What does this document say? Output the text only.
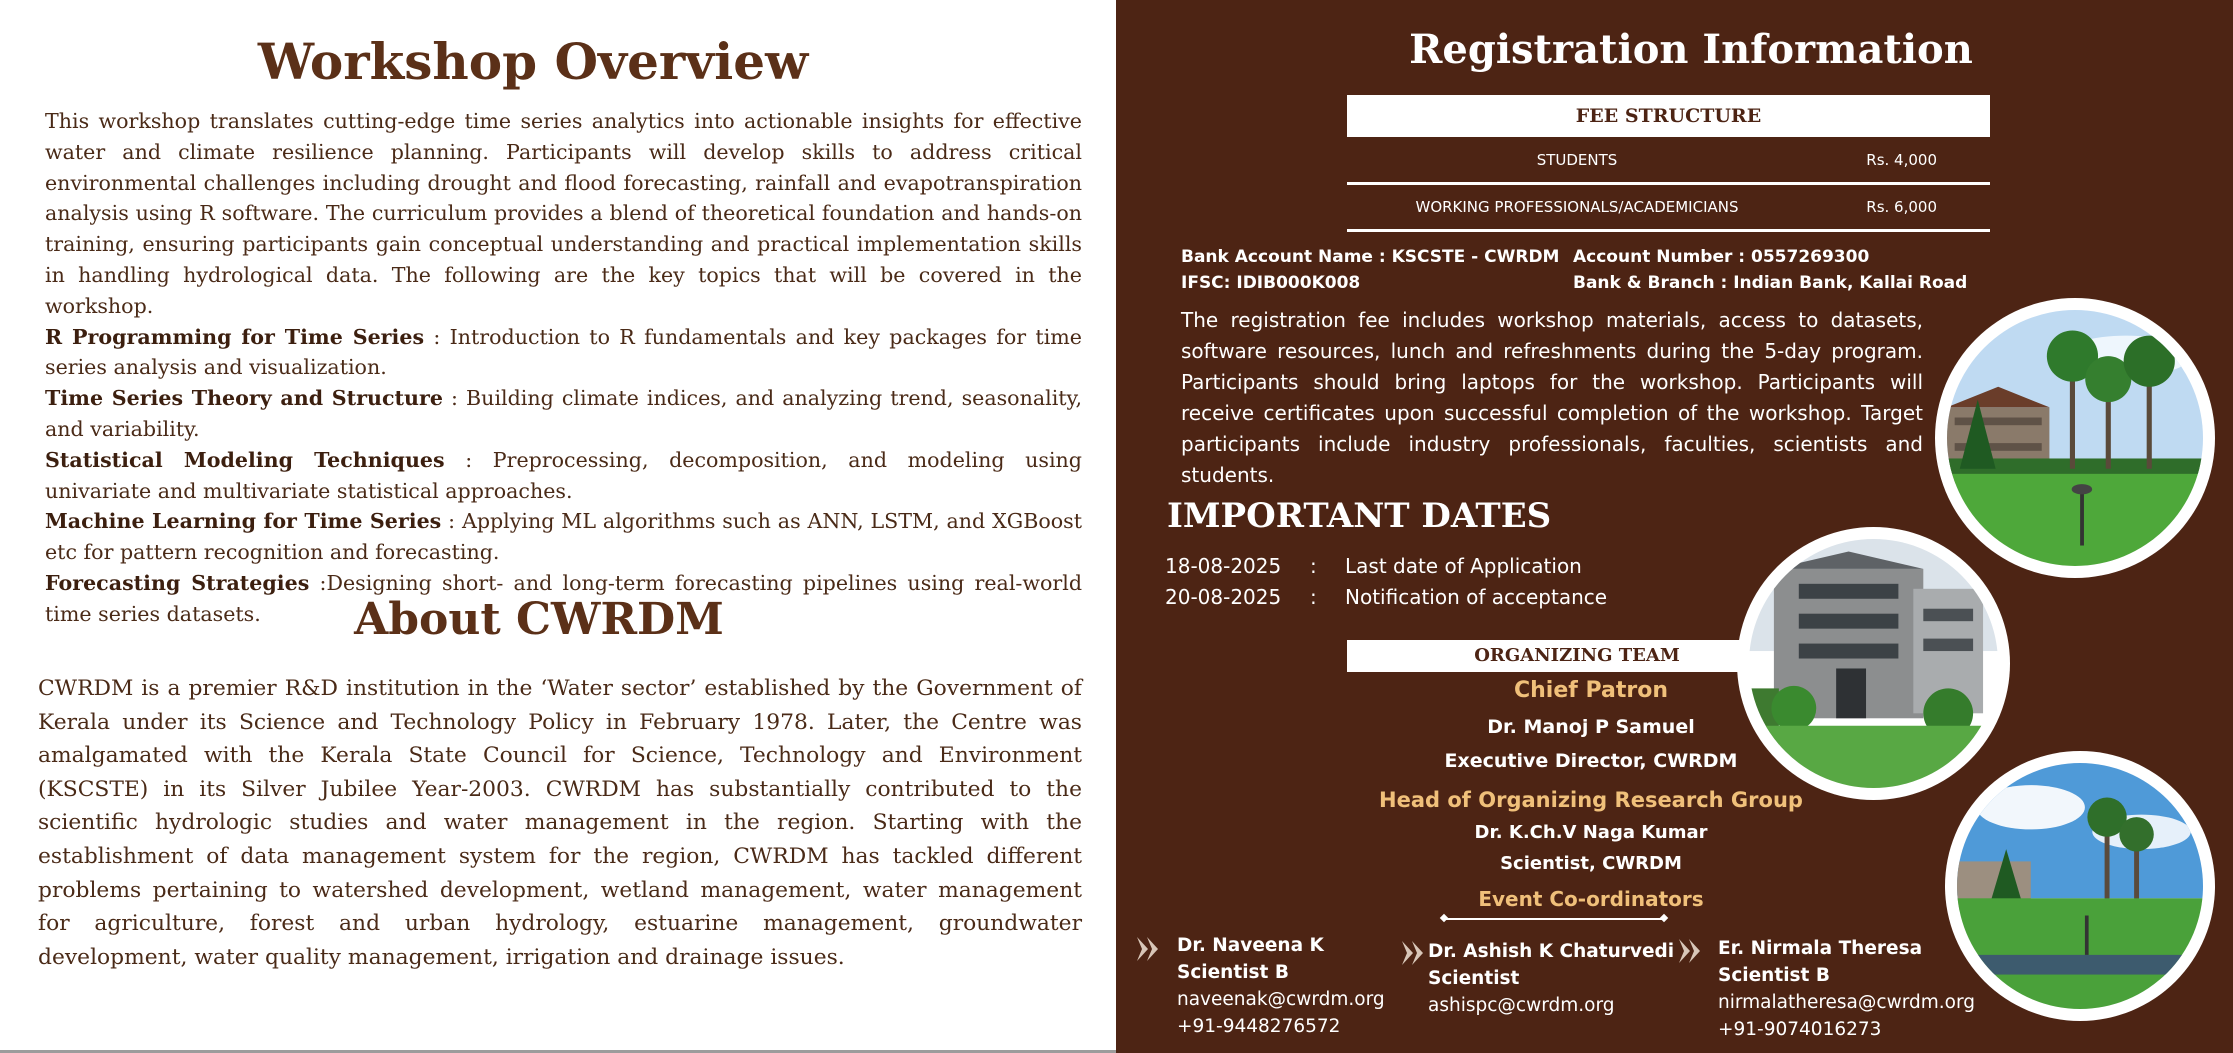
Workshop Overview

This workshop translates cutting-edge time series analytics into actionable insights for effective water and climate resilience planning. Participants will develop skills to address critical environmental challenges including drought and flood forecasting, rainfall and evapotranspiration analysis using R software. The curriculum provides a blend of theoretical foundation and hands-on training, ensuring participants gain conceptual understanding and practical implementation skills in handling hydrological data. The following are the key topics that will be covered in the workshop.

R Programming for Time Series : Introduction to R fundamentals and key packages for time series analysis and visualization.

Time Series Theory and Structure : Building climate indices, and analyzing trend, seasonality, and variability.

Statistical Modeling Techniques : Preprocessing, decomposition, and modeling using univariate and multivariate statistical approaches.

Machine Learning for Time Series : Applying ML algorithms such as ANN, LSTM, and XGBoost etc for pattern recognition and forecasting.

Forecasting Strategies :Designing short- and long-term forecasting pipelines using real-world time series datasets.	About CWRDM

CWRDM is a premier R&D institution in the ‘Water sector’ established by the Government of Kerala under its Science and Technology Policy in February 1978. Later, the Centre was amalgamated with the Kerala State Council for Science, Technology and Environment (KSCSTE) in its Silver Jubilee Year-2003. CWRDM has substantially contributed to the scientific hydrologic studies and water management in the region. Starting with the establishment of data management system for the region, CWRDM has tackled different problems pertaining to watershed development, wetland management, water management for agriculture, forest and urban hydrology, estuarine management, groundwater development, water quality management, irrigation and drainage issues.

Registration Information
FEE STRUCTURE
STUDENTS	Rs. 4,000
WORKING PROFESSIONALS/ACADEMICIANS	Rs. 6,000
Bank Account Name : KSCSTE - CWRDM Account Number : 0557269300
IFSC: IDIB000K008	Bank & Branch : Indian Bank, Kallai Road

The registration fee includes workshop materials, access to datasets, software resources, lunch and refreshments during the 5-day program. Participants should bring laptops for the workshop. Participants will receive certificates upon successful completion of the workshop. Target participants include industry professionals, faculties, scientists and students.

IMPORTANT DATES
18-08-2025 : Last date of Application
20-08-2025 : Notification of acceptance
ORGANIZING TEAM
Chief Patron
Dr. Manoj P Samuel
Executive Director, CWRDM
Head of Organizing Research Group
Dr. K.Ch.V Naga Kumar
Scientist, CWRDM
Event Co-ordinators
Dr. Naveena K
Scientist B
naveenak@cwrdm.org
+91-9448276572
Dr. Ashish K Chaturvedi
Scientist
ashispc@cwrdm.org
Er. Nirmala Theresa
Scientist B
nirmalatheresa@cwrdm.org
+91-9074016273
